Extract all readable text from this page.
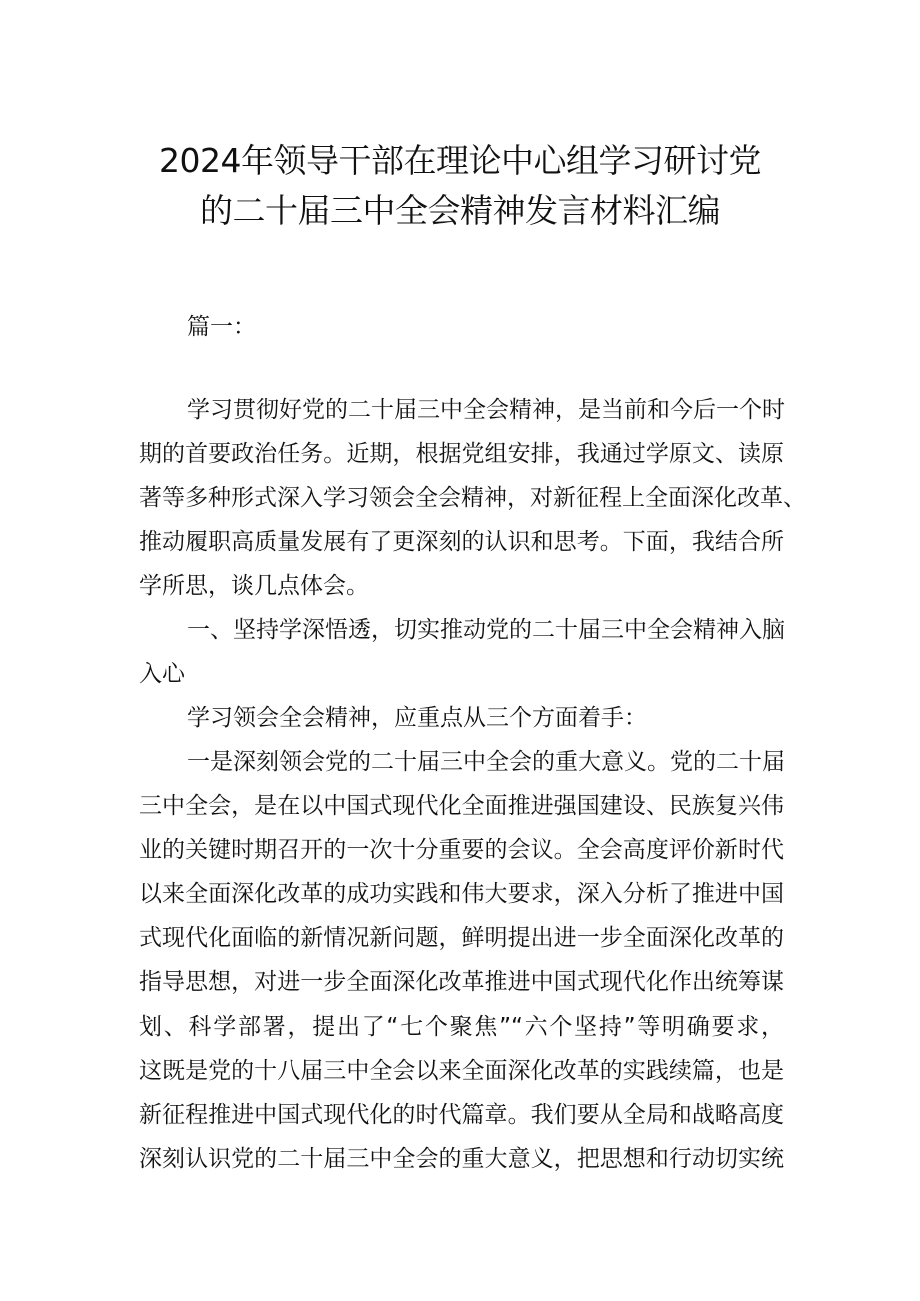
2024年领导干部在理论中心组学习研讨党
的二十届三中全会精神发言材料汇编
篇一：
学习贯彻好党的二十届三中全会精神，是当前和今后一个时
期的首要政治任务。近期，根据党组安排，我通过学原文、读原
著等多种形式深入学习领会全会精神，对新征程上全面深化改革、
推动履职高质量发展有了更深刻的认识和思考。下面，我结合所
学所思，谈几点体会。
一、坚持学深悟透，切实推动党的二十届三中全会精神入脑
入心
学习领会全会精神，应重点从三个方面着手：
一是深刻领会党的二十届三中全会的重大意义。党的二十届
三中全会，是在以中国式现代化全面推进强国建设、民族复兴伟
业的关键时期召开的一次十分重要的会议。全会高度评价新时代
以来全面深化改革的成功实践和伟大要求，深入分析了推进中国
式现代化面临的新情况新问题，鲜明提出进一步全面深化改革的
指导思想，对进一步全面深化改革推进中国式现代化作出统筹谋
划、科学部署，提出了“七个聚焦”“六个坚持”等明确要求，
这既是党的十八届三中全会以来全面深化改革的实践续篇，也是
新征程推进中国式现代化的时代篇章。我们要从全局和战略高度
深刻认识党的二十届三中全会的重大意义，把思想和行动切实统
